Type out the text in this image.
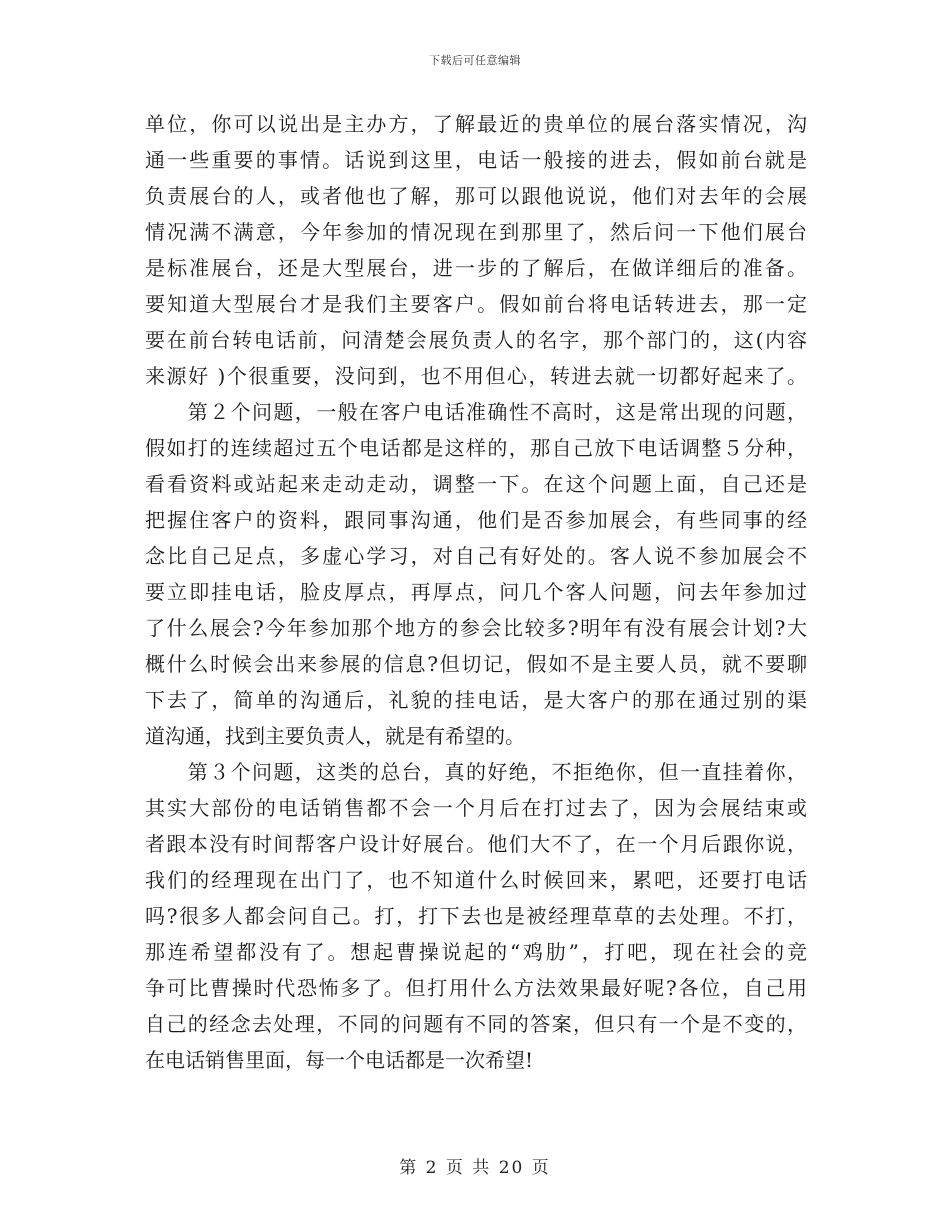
下载后可任意编辑
单位，你可以说出是主办方，了解最近的贵单位的展台落实情况，沟
通一些重要的事情。话说到这里，电话一般接的进去，假如前台就是
负责展台的人，或者他也了解，那可以跟他说说，他们对去年的会展
情况满不满意，今年参加的情况现在到那里了，然后问一下他们展台
是标准展台，还是大型展台，进一步的了解后，在做详细后的准备。
要知道大型展台才是我们主要客户。假如前台将电话转进去，那一定
要在前台转电话前，问清楚会展负责人的名字，那个部门的，这(内容
来源好 )个很重要，没问到，也不用但心，转进去就一切都好起来了。
　　第２个问题，一般在客户电话准确性不高时，这是常出现的问题，
假如打的连续超过五个电话都是这样的，那自己放下电话调整５分种，
看看资料或站起来走动走动，调整一下。在这个问题上面，自己还是
把握住客户的资料，跟同事沟通，他们是否参加展会，有些同事的经
念比自己足点，多虚心学习，对自己有好处的。客人说不参加展会不
要立即挂电话，脸皮厚点，再厚点，问几个客人问题，问去年参加过
了什么展会?今年参加那个地方的参会比较多?明年有没有展会计划?大
概什么时候会出来参展的信息?但切记，假如不是主要人员，就不要聊
下去了，简单的沟通后，礼貌的挂电话，是大客户的那在通过别的渠
道沟通，找到主要负责人，就是有希望的。
　　第３个问题，这类的总台，真的好绝，不拒绝你，但一直挂着你，
其实大部份的电话销售都不会一个月后在打过去了，因为会展结束或
者跟本没有时间帮客户设计好展台。他们大不了，在一个月后跟你说，
我们的经理现在出门了，也不知道什么时候回来，累吧，还要打电话
吗?很多人都会问自己。打，打下去也是被经理草草的去处理。不打，
那连希望都没有了。想起曹操说起的“鸡肋”，打吧，现在社会的竞
争可比曹操时代恐怖多了。但打用什么方法效果最好呢?各位，自己用
自己的经念去处理，不同的问题有不同的答案，但只有一个是不变的，
在电话销售里面，每一个电话都是一次希望!
第 2 页 共 20 页
